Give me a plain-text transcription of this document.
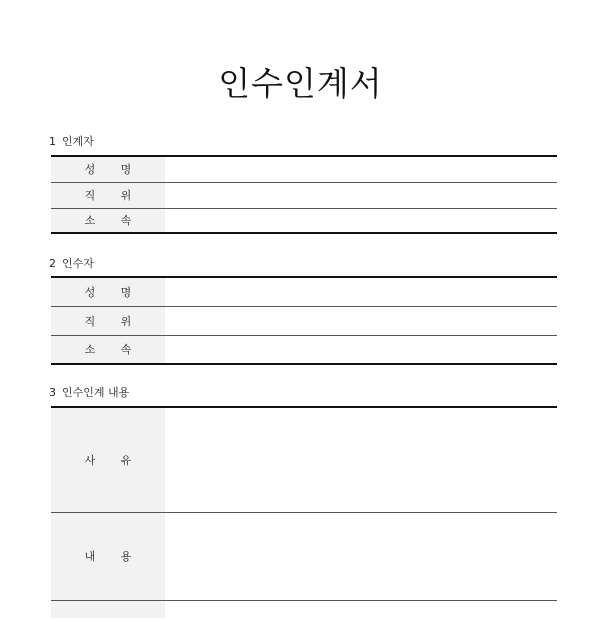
인수인계서
1 인계자
성 명	
직 위	
소 속	
2 인수자
성 명	
직 위	
소 속	
3 인수인계 내용
사 유	
내 용	
